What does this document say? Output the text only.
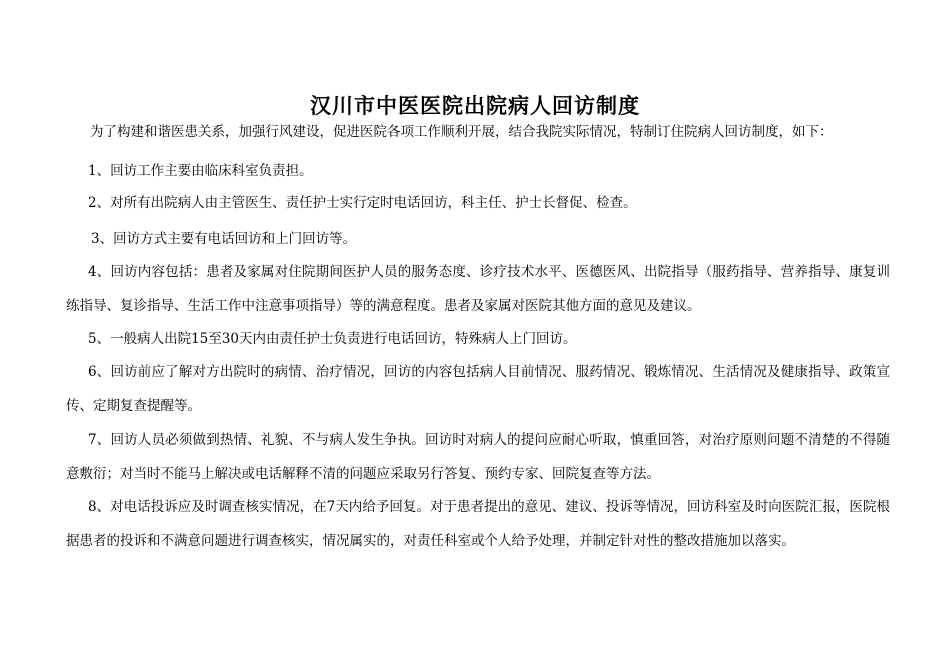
汉川市中医医院出院病人回访制度

为了构建和谐医患关系，加强行风建设，促进医院各项工作顺利开展，结合我院实际情况，特制订住院病人回访制度，如下：

1、回访工作主要由临床科室负责担。

2、对所有出院病人由主管医生、责任护士实行定时电话回访，科主任、护士长督促、检查。

3、回访方式主要有电话回访和上门回访等。

4、回访内容包括：患者及家属对住院期间医护人员的服务态度、诊疗技术水平、医德医风、出院指导（服药指导、营养指导、康复训练指导、复诊指导、生活工作中注意事项指导）等的满意程度。患者及家属对医院其他方面的意见及建议。

5、一般病人出院15至30天内由责任护士负责进行电话回访，特殊病人上门回访。

6、回访前应了解对方出院时的病情、治疗情况，回访的内容包括病人目前情况、服药情况、锻炼情况、生活情况及健康指导、政策宣传、定期复查提醒等。

7、回访人员必须做到热情、礼貌、不与病人发生争执。回访时对病人的提问应耐心听取，慎重回答，对治疗原则问题不清楚的不得随意敷衍；对当时不能马上解决或电话解释不清的问题应采取另行答复、预约专家、回院复查等方法。

8、对电话投诉应及时调查核实情况，在7天内给予回复。对于患者提出的意见、建议、投诉等情况，回访科室及时向医院汇报，医院根据患者的投诉和不满意问题进行调查核实，情况属实的，对责任科室或个人给予处理，并制定针对性的整改措施加以落实。
